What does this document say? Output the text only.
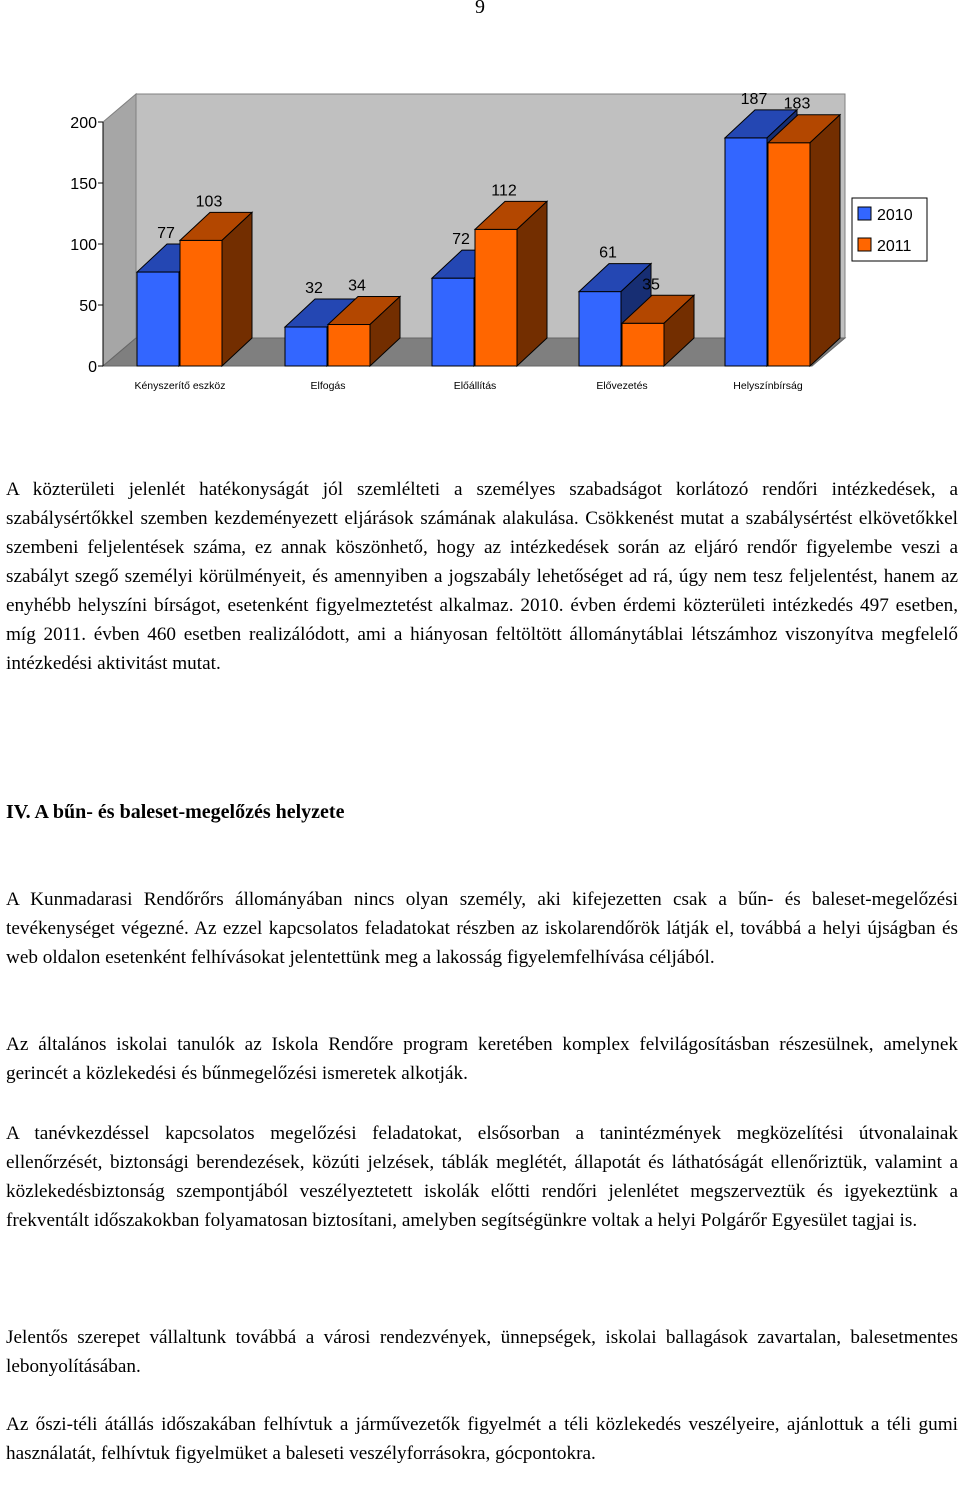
9
0
50
100
150
200
77
103
Kényszerítő eszköz
32 34
Elfogás
72
112
Előállítás
61
35
Elővezetés
187 183
Helyszínbírság
2010
2011

A közterületi jelenlét hatékonyságát jól szemlélteti a személyes szabadságot korlátozó rendőri intézkedések, a szabálysértőkkel szemben kezdeményezett eljárások számának alakulása. Csökkenést mutat a szabálysértést elkövetőkkel szembeni feljelentések száma, ez annak köszönhető, hogy az intézkedések során az eljáró rendőr figyelembe veszi a szabályt szegő személyi körülményeit, és amennyiben a jogszabály lehetőséget ad rá, úgy nem tesz feljelentést, hanem az enyhébb helyszíni bírságot, esetenként figyelmeztetést alkalmaz. 2010. évben érdemi közterületi intézkedés 497 esetben, míg 2011. évben 460 esetben realizálódott, ami a hiányosan feltöltött állománytáblai létszámhoz viszonyítva megfelelő intézkedési aktivitást mutat.

IV. A bűn- és baleset-megelőzés helyzete

A Kunmadarasi Rendőrőrs állományában nincs olyan személy, aki kifejezetten csak a bűn- és baleset-megelőzési tevékenységet végezné. Az ezzel kapcsolatos feladatokat részben az iskolarendőrök látják el, továbbá a helyi újságban és web oldalon esetenként felhívásokat jelentettünk meg a lakosság figyelemfelhívása céljából.

Az általános iskolai tanulók az Iskola Rendőre program keretében komplex felvilágosításban részesülnek, amelynek gerincét a közlekedési és bűnmegelőzési ismeretek alkotják.

A tanévkezdéssel kapcsolatos megelőzési feladatokat, elsősorban a tanintézmények megközelítési útvonalainak ellenőrzését, biztonsági berendezések, közúti jelzések, táblák meglétét, állapotát és láthatóságát ellenőriztük, valamint a közlekedésbiztonság szempontjából veszélyeztetett iskolák előtti rendőri jelenlétet megszerveztük és igyekeztünk a frekventált időszakokban folyamatosan biztosítani, amelyben segítségünkre voltak a helyi Polgárőr Egyesület tagjai is.

Jelentős szerepet vállaltunk továbbá a városi rendezvények, ünnepségek, iskolai ballagások zavartalan, balesetmentes lebonyolításában.

Az őszi-téli átállás időszakában felhívtuk a járművezetők figyelmét a téli közlekedés veszélyeire, ajánlottuk a téli gumi használatát, felhívtuk figyelmüket a baleseti veszélyforrásokra, gócpontokra.
